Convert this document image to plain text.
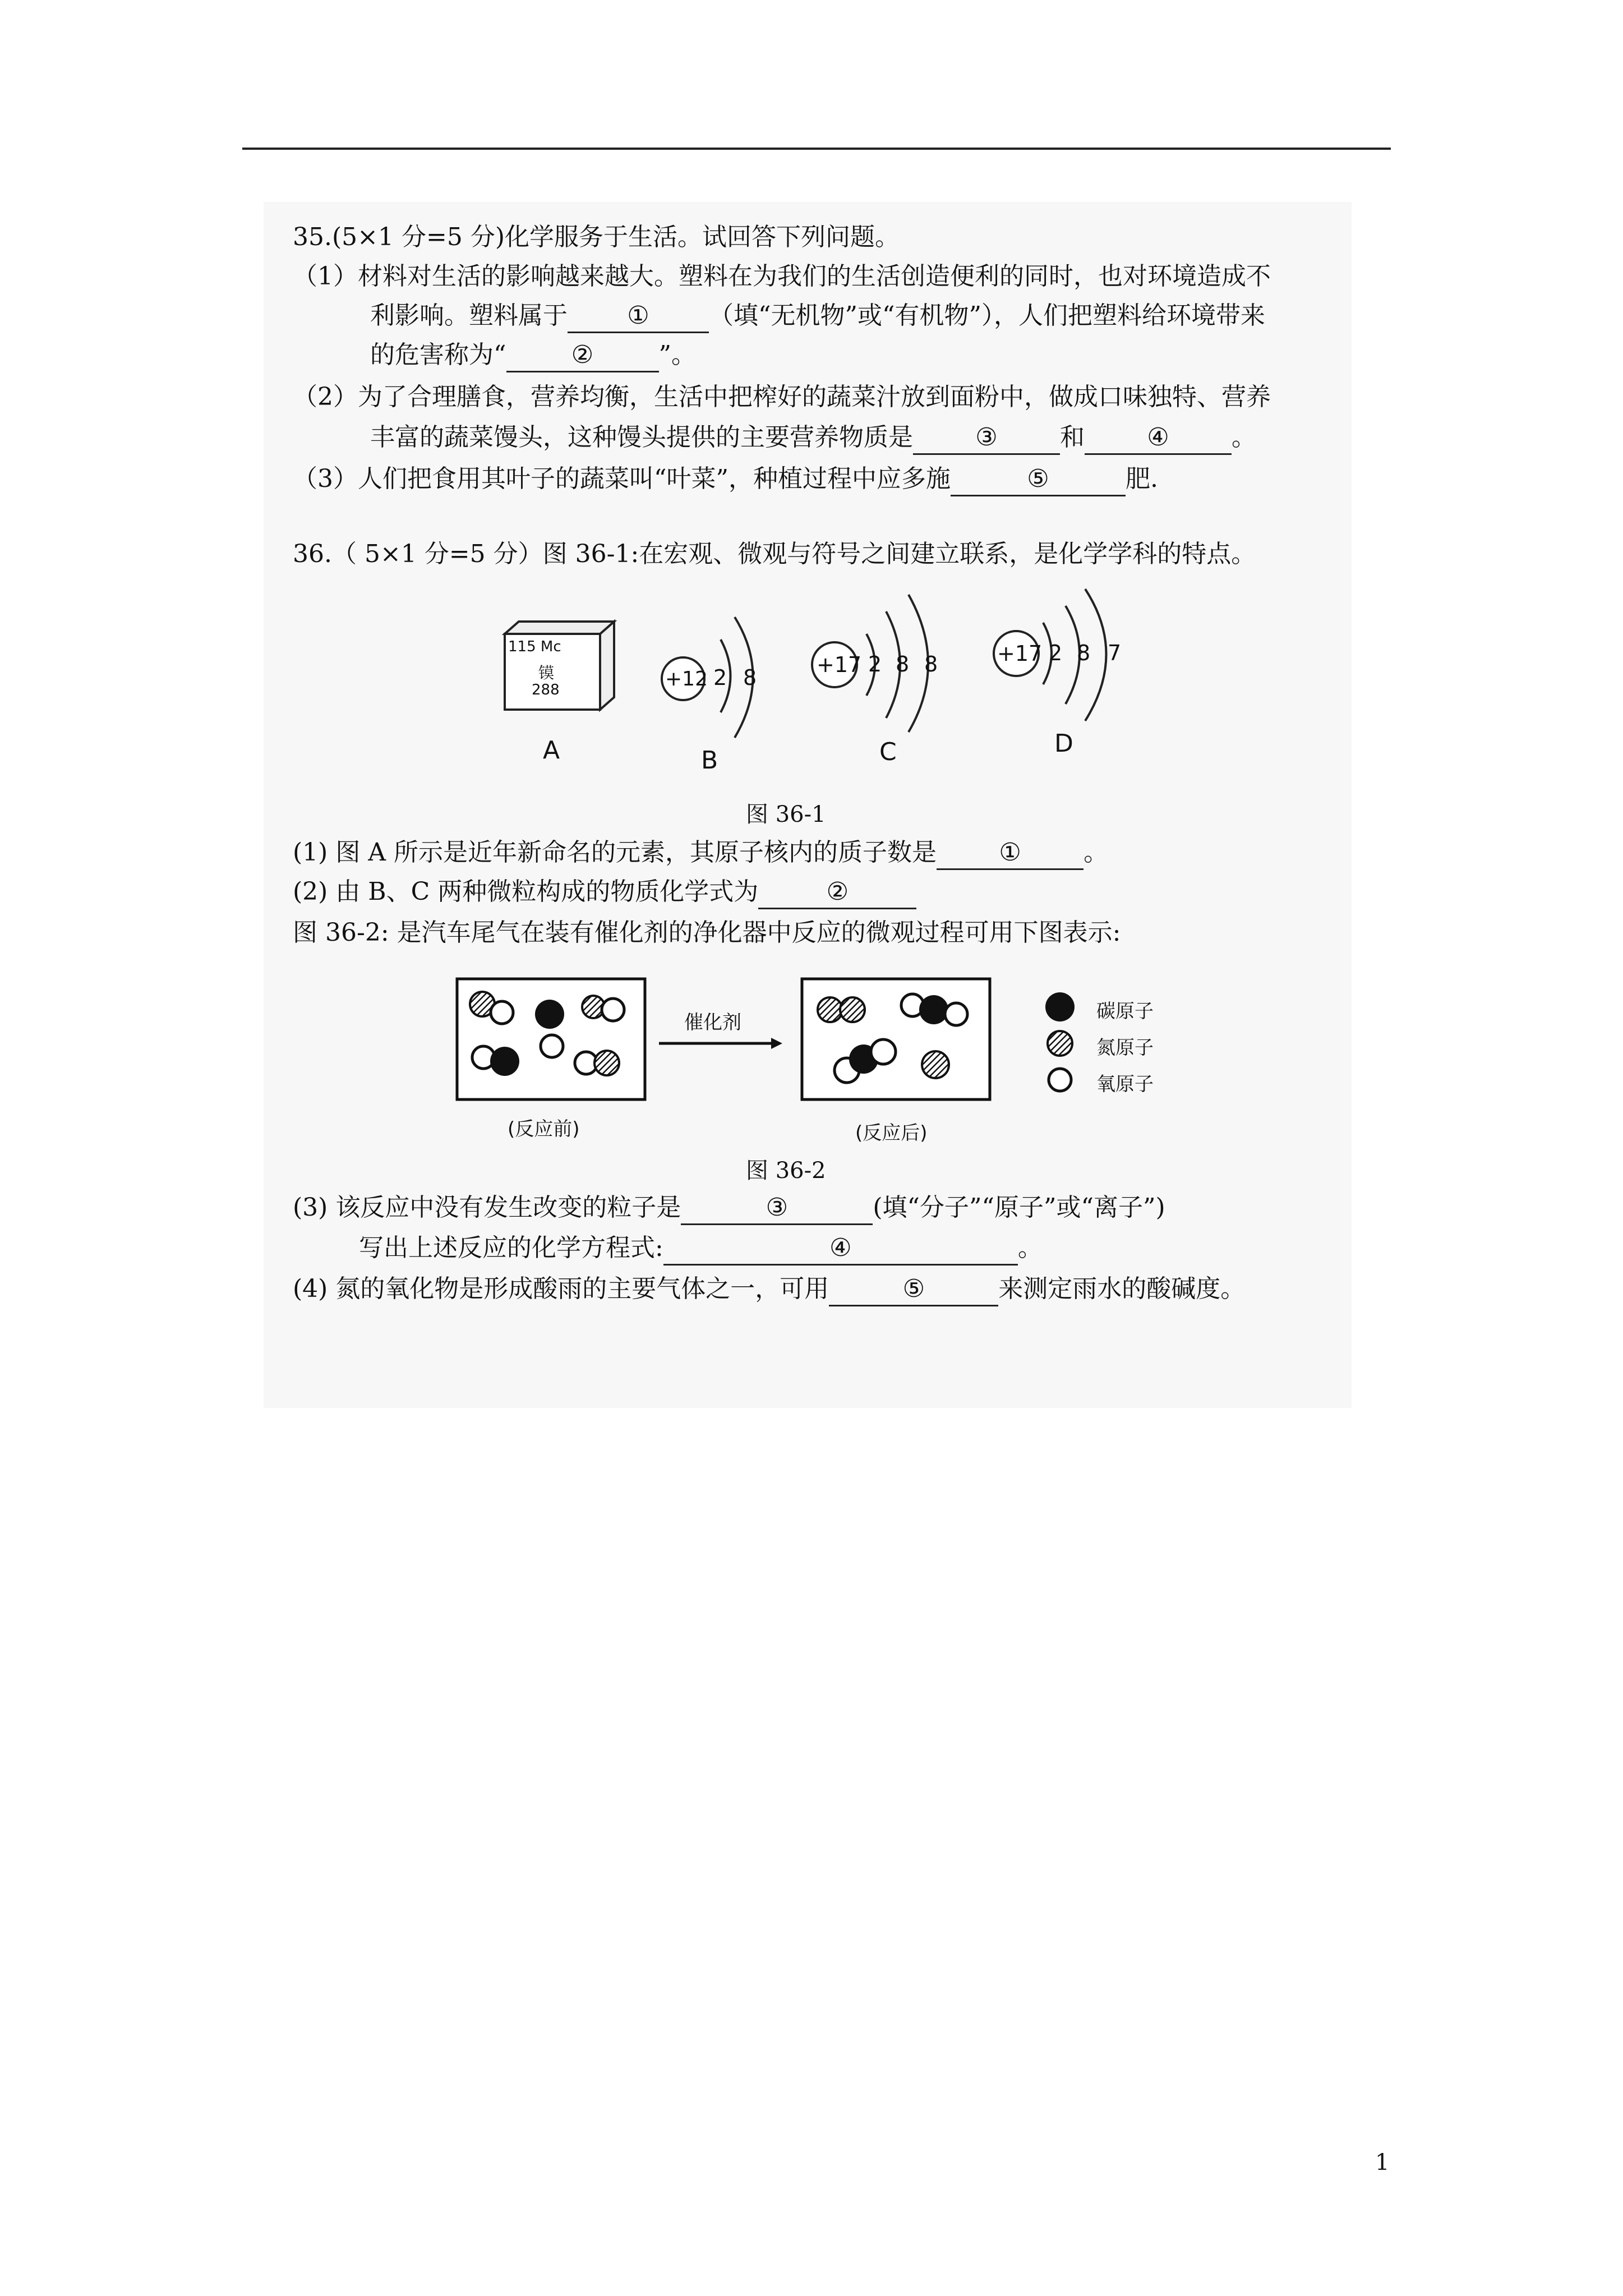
35.(5×1 分=5 分)化学服务于生活。试回答下列问题。
（1）材料对生活的影响越来越大。塑料在为我们的生活创造便利的同时，也对环境造成不
利影响。塑料属于 ① （填“无机物”或“有机物”），人们把塑料给环境带来
的危害称为“	②	”。
（2）为了合理膳食，营养均衡，生活中把榨好的蔬菜汁放到面粉中，做成口味独特、营养
丰富的蔬菜馒头，这种馒头提供的主要营养物质是	③	和	④	。
（3）人们把食用其叶子的蔬菜叫“叶菜”，种植过程中应多施	⑤	肥.
36.（ 5×1 分=5 分）图 36-1:在宏观、微观与符号之间建立联系，是化学学科的特点。
115 Mc
镆
288	+12 2 8
+17 2 8 8	+17 2 8 7
A	B	C	D
图 36-1
(1) 图 A 所示是近年新命名的元素，其原子核内的质子数是	①	。
(2) 由 B、C 两种微粒构成的物质化学式为	②
图 36-2: 是汽车尾气在装有催化剂的净化器中反应的微观过程可用下图表示:
催化剂	碳原子
氮原子
氧原子
(反应前)	(反应后)
图 36-2
(3) 该反应中没有发生改变的粒子是	③	(填“分子”“原子”或“离子”)
写出上述反应的化学方程式:	④	。
(4) 氮的氧化物是形成酸雨的主要气体之一，可用	⑤	来测定雨水的酸碱度。
1
